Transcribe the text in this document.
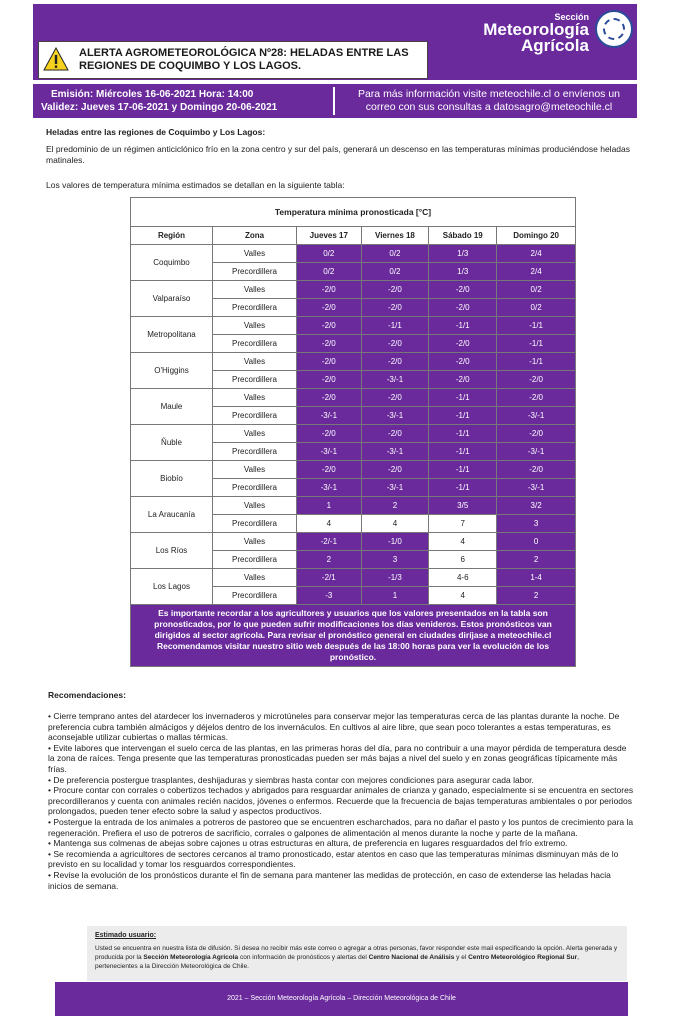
ALERTA AGROMETEOROLÓGICA Nº28: HELADAS ENTRE LAS
REGIONES DE COQUIMBO Y LOS LAGOS.
Sección
Meteorología
Agrícola
Emisión: Miércoles 16-06-2021 Hora: 14:00
Validez: Jueves 17-06-2021 y Domingo 20-06-2021
Para más información visite meteochile.cl o envíenos un
correo con sus consultas a datosagro@meteochile.cl
Heladas entre las regiones de Coquimbo y Los Lagos:
El predominio de un régimen anticiclónico frío en la zona centro y sur del país, generará un descenso en las temperaturas mínimas produciéndose heladas matinales.
Los valores de temperatura mínima estimados se detallan en la siguiente tabla:
Temperatura mínima pronosticada [°C]					
Región	Zona	Jueves 17	Viernes 18	Sábado 19	Domingo 20
Coquimbo	Valles	0/2	0/2	1/3	2/4
	Precordillera	0/2	0/2	1/3	2/4
Valparaíso	Valles	-2/0	-2/0	-2/0	0/2
	Precordillera	-2/0	-2/0	-2/0	0/2
Metropolitana	Valles	-2/0	-1/1	-1/1	-1/1
	Precordillera	-2/0	-2/0	-2/0	-1/1
O'Higgins	Valles	-2/0	-2/0	-2/0	-1/1
	Precordillera	-2/0	-3/-1	-2/0	-2/0
Maule	Valles	-2/0	-2/0	-1/1	-2/0
	Precordillera	-3/-1	-3/-1	-1/1	-3/-1
Ñuble	Valles	-2/0	-2/0	-1/1	-2/0
	Precordillera	-3/-1	-3/-1	-1/1	-3/-1
Biobío	Valles	-2/0	-2/0	-1/1	-2/0
	Precordillera	-3/-1	-3/-1	-1/1	-3/-1
La Araucanía	Valles	1	2	3/5	3/2
	Precordillera	4	4	7	3
Los Ríos	Valles	-2/-1	-1/0	4	0
	Precordillera	2	3	6	2
Los Lagos	Valles	-2/1	-1/3	4-6	1-4
	Precordillera	-3	1	4	2

Es importante recordar a los agricultores y usuarios que los valores presentados en la tabla son pronosticados, por lo que pueden sufrir modificaciones los días venideros. Estos pronósticos van dirigidos al sector agrícola. Para revisar el pronóstico general en ciudades diríjase a meteochile.cl
Recomendamos visitar nuestro sitio web después de las 18:00 horas para ver la evolución de los pronóstico.					
Recomendaciones:
• Cierre temprano antes del atardecer los invernaderos y microtúneles para conservar mejor las temperaturas cerca de las plantas durante la noche. De preferencia cubra también almácigos y déjelos dentro de los invernáculos. En cultivos al aire libre, que sean poco tolerantes a estas temperaturas, es aconsejable utilizar cubiertas o mallas térmicas.
• Evite labores que intervengan el suelo cerca de las plantas, en las primeras horas del día, para no contribuir a una mayor pérdida de temperatura desde la zona de raíces. Tenga presente que las temperaturas pronosticadas pueden ser más bajas a nivel del suelo y en zonas geográficas típicamente más frías.
• De preferencia postergue trasplantes, deshijaduras y siembras hasta contar con mejores condiciones para asegurar cada labor.
• Procure contar con corrales o cobertizos techados y abrigados para resguardar animales de crianza y ganado, especialmente si se encuentra en sectores precordilleranos y cuenta con animales recién nacidos, jóvenes o enfermos. Recuerde que la frecuencia de bajas temperaturas ambientales o por periodos prolongados, pueden tener efecto sobre la salud y aspectos productivos.
• Postergue la entrada de los animales a potreros de pastoreo que se encuentren escharchados, para no dañar el pasto y los puntos de crecimiento para la regeneración. Prefiera el uso de potreros de sacrificio, corrales o galpones de alimentación al menos durante la noche y parte de la mañana.
• Mantenga sus colmenas de abejas sobre cajones u otras estructuras en altura, de preferencia en lugares resguardados del frío extremo.
• Se recomienda a agricultores de sectores cercanos al tramo pronosticado, estar atentos en caso que las temperaturas mínimas disminuyan más de lo previsto en su localidad y tomar los resguardos correspondientes.
• Revise la evolución de los pronósticos durante el fin de semana para mantener las medidas de protección, en caso de extenderse las heladas hacia inicios de semana.
Estimado usuario:
Usted se encuentra en nuestra lista de difusión. Si desea no recibir más este correo o agregar a otras personas, favor responder este mail especificando la opción. Alerta generada y producida por la Sección Meteorología Agrícola con información de pronósticos y alertas del Centro Nacional de Análisis y el Centro Meteorológico Regional Sur, pertenecientes a la Dirección Meteorológica de Chile.
2021 – Sección Meteorología Agrícola – Dirección Meteorológica de Chile
